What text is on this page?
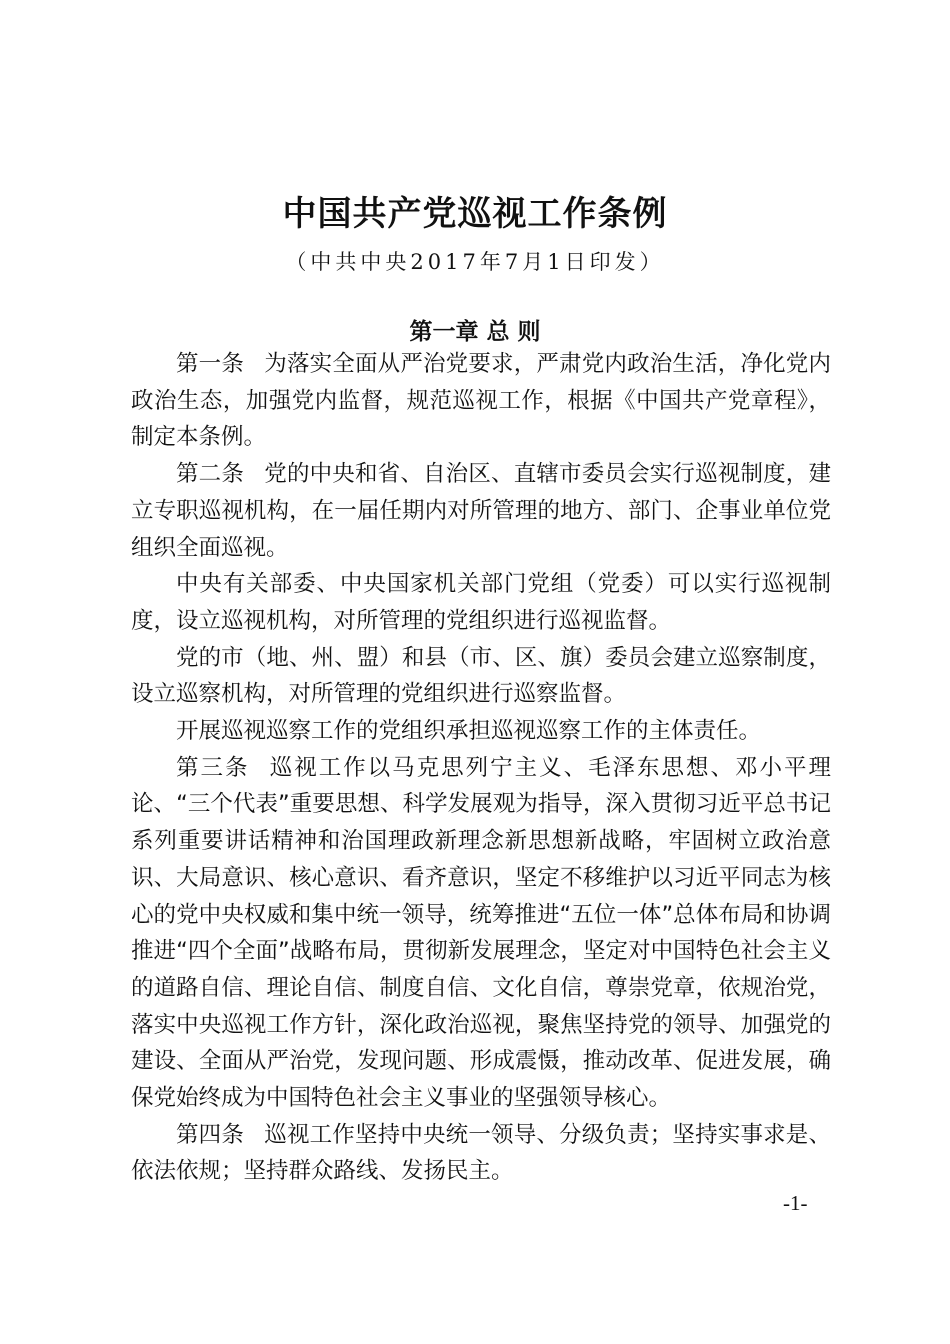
中国共产党巡视工作条例
（中共中央2017年7月1日印发）
第一章 总 则

第一条 为落实全面从严治党要求，严肃党内政治生活，净化党内政治生态，加强党内监督，规范巡视工作，根据《中国共产党章程》，制定本条例。

第二条 党的中央和省、自治区、直辖市委员会实行巡视制度，建立专职巡视机构，在一届任期内对所管理的地方、部门、企事业单位党组织全面巡视。

中央有关部委、中央国家机关部门党组（党委）可以实行巡视制度，设立巡视机构，对所管理的党组织进行巡视监督。

党的市（地、州、盟）和县（市、区、旗）委员会建立巡察制度，设立巡察机构，对所管理的党组织进行巡察监督。

开展巡视巡察工作的党组织承担巡视巡察工作的主体责任。

第三条 巡视工作以马克思列宁主义、毛泽东思想、邓小平理论、“三个代表”重要思想、科学发展观为指导，深入贯彻习近平总书记系列重要讲话精神和治国理政新理念新思想新战略，牢固树立政治意识、大局意识、核心意识、看齐意识，坚定不移维护以习近平同志为核心的党中央权威和集中统一领导，统筹推进“五位一体”总体布局和协调推进“四个全面”战略布局，贯彻新发展理念，坚定对中国特色社会主义的道路自信、理论自信、制度自信、文化自信，尊崇党章，依规治党，落实中央巡视工作方针，深化政治巡视，聚焦坚持党的领导、加强党的建设、全面从严治党，发现问题、形成震慑，推动改革、促进发展，确保党始终成为中国特色社会主义事业的坚强领导核心。

第四条 巡视工作坚持中央统一领导、分级负责；坚持实事求是、依法依规；坚持群众路线、发扬民主。

-1-
